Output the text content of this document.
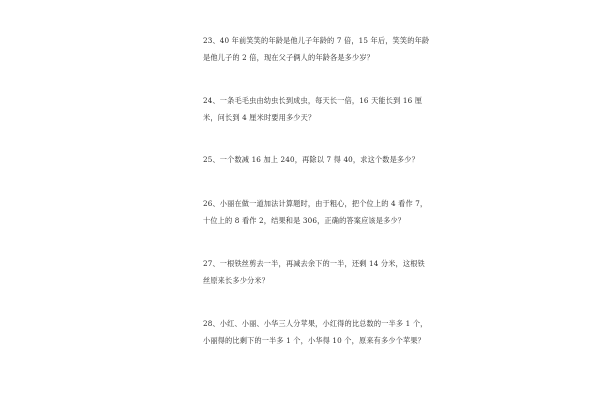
23、40 年前笑笑的年龄是他儿子年龄的 7 倍，15 年后，笑笑的年龄
是他儿子的 2 倍，现在父子俩人的年龄各是多少岁？
24、一条毛毛虫由幼虫长到成虫，每天长一倍，16 天能长到 16 厘
米，问长到 4 厘米时要用多少天？
25、一个数减 16 加上 240，再除以 7 得 40，求这个数是多少？
26、小丽在做一道加法计算题时，由于粗心，把个位上的 4 看作 7，
十位上的 8 看作 2，结果和是 306，正确的答案应该是多少？
27、一根铁丝剪去一半，再减去余下的一半，还剩 14 分米，这根铁
丝原来长多少分米？
28、小红、小丽、小华三人分苹果，小红得的比总数的一半多 1 个，
小丽得的比剩下的一半多 1 个，小华得 10 个，原来有多少个苹果？
